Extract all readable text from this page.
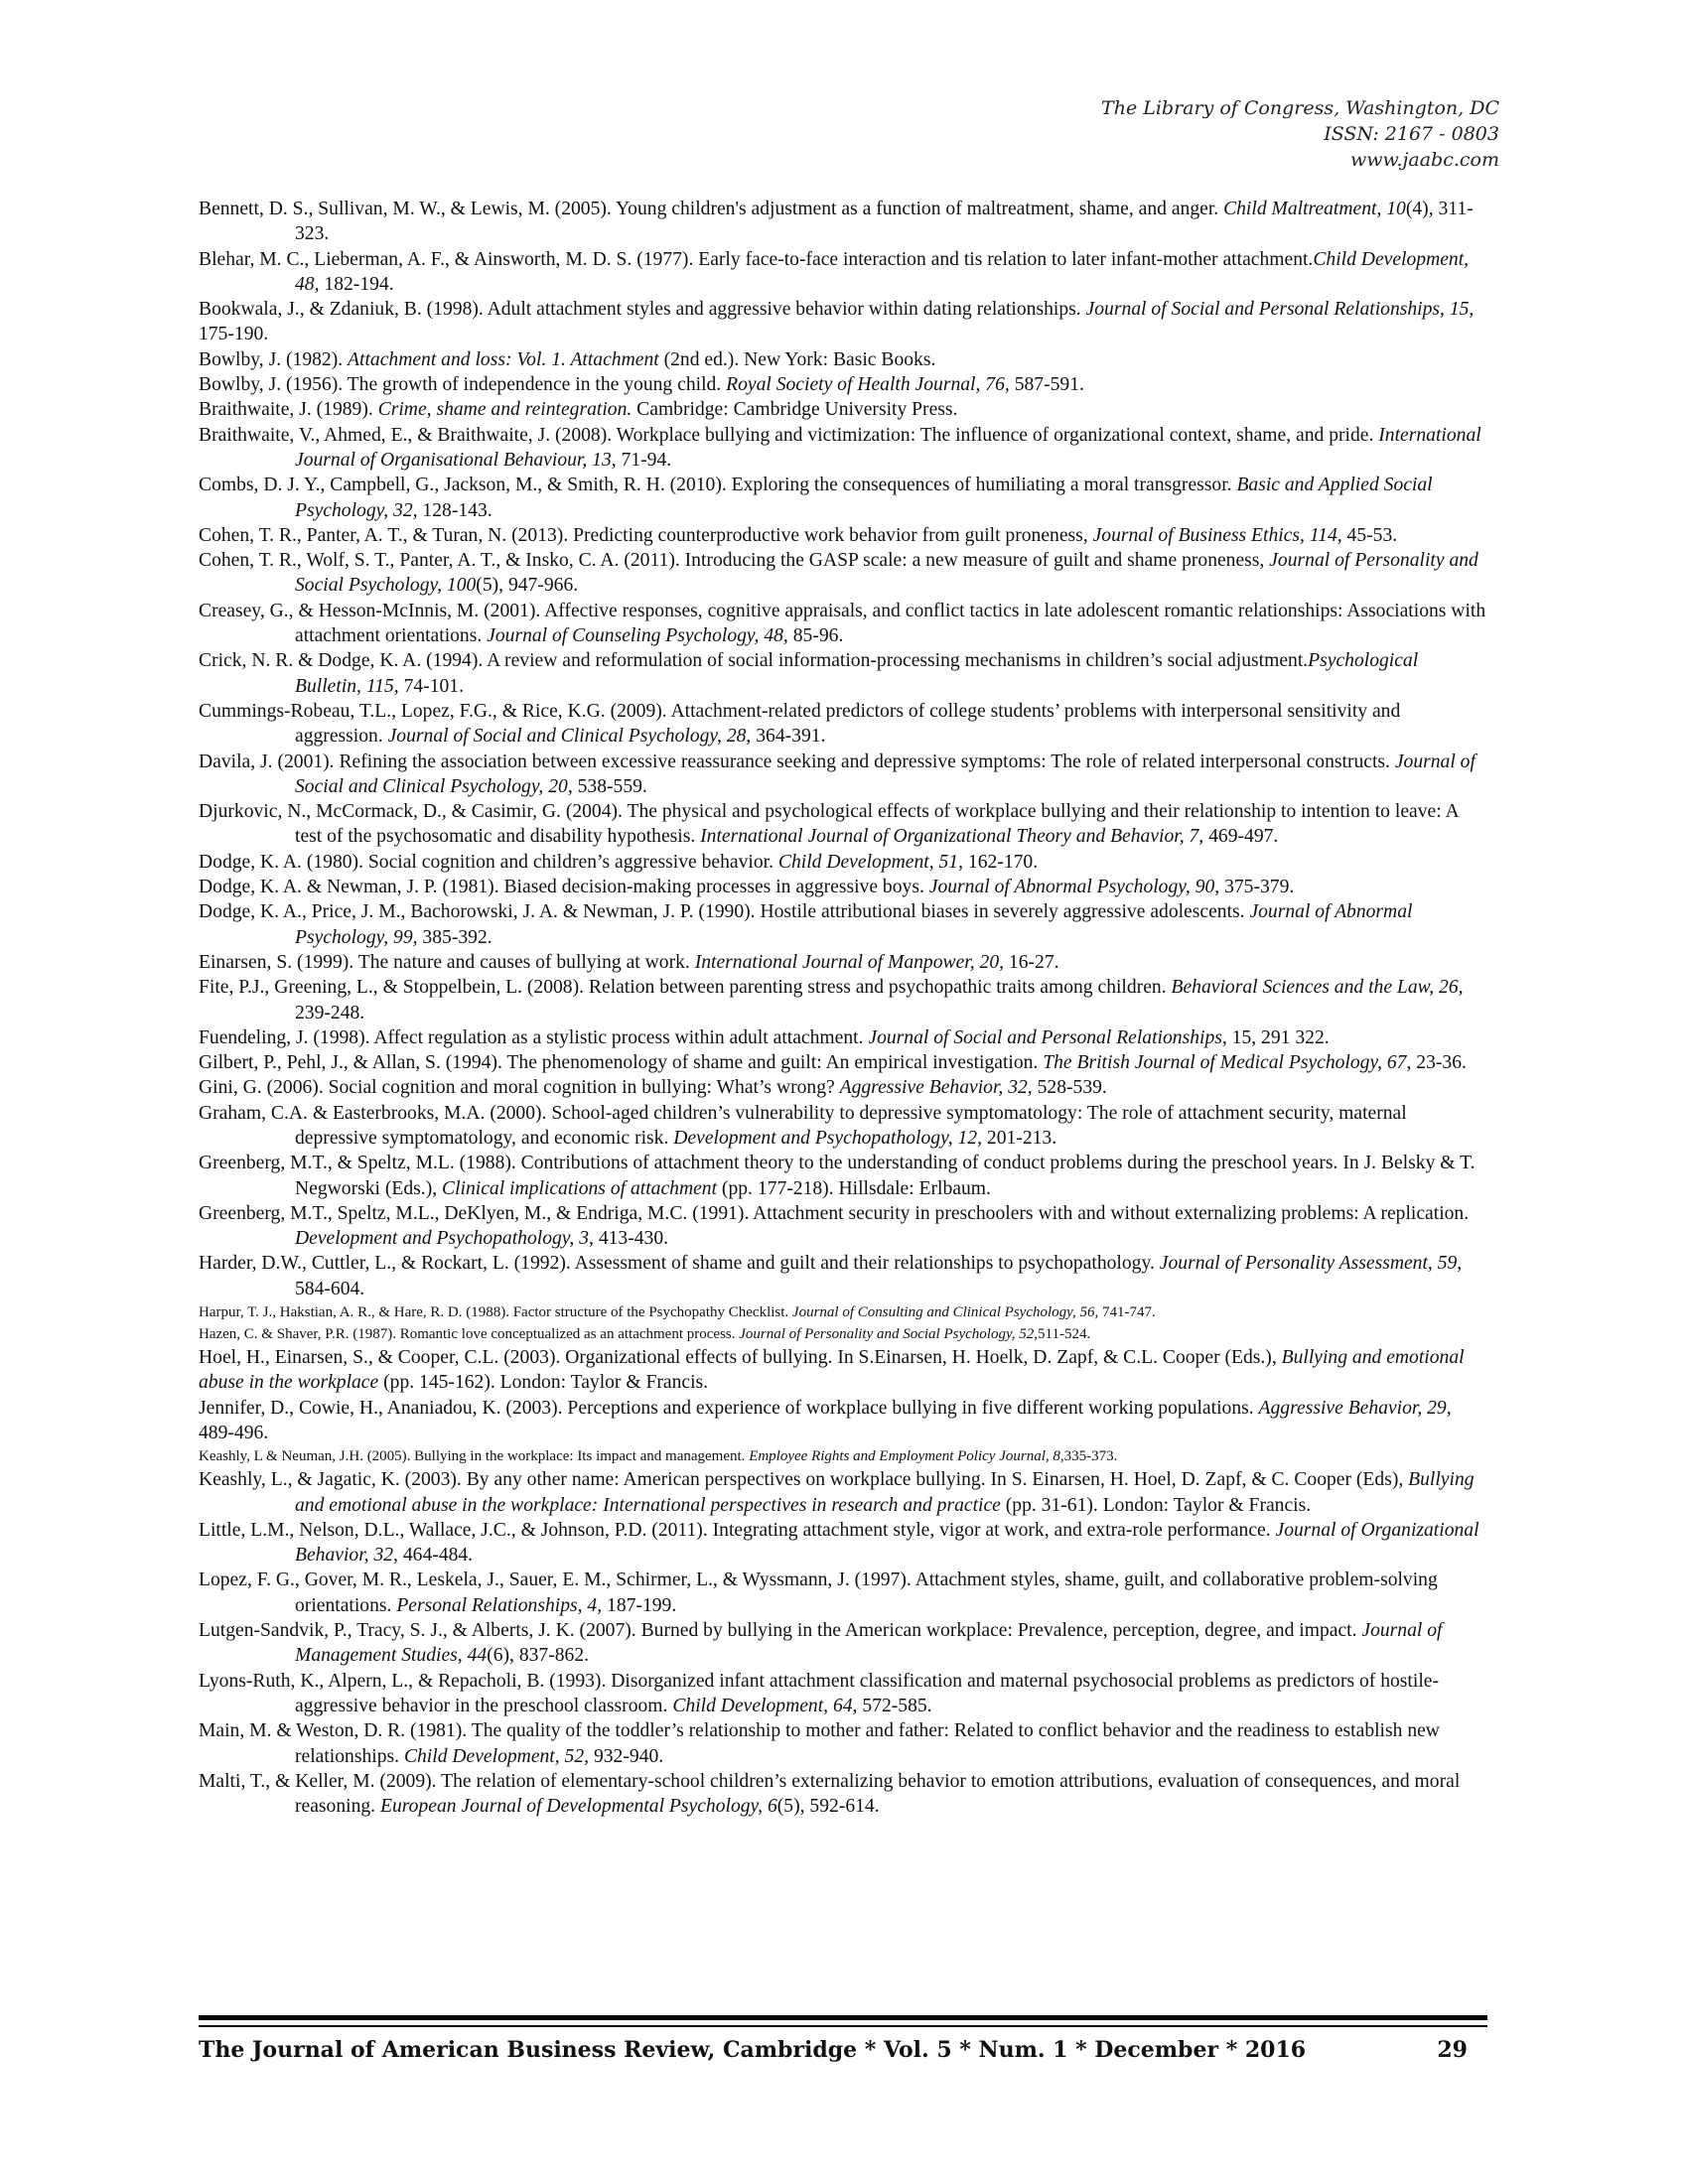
The Library of Congress, Washington, DC
ISSN: 2167 - 0803
www.jaabc.com

Bennett, D. S., Sullivan, M. W., & Lewis, M. (2005). Young children's adjustment as a function of maltreatment, shame, and anger. Child Maltreatment, 10(4), 311-323.

Blehar, M. C., Lieberman, A. F., & Ainsworth, M. D. S. (1977). Early face-to-face interaction and tis relation to later infant-mother attachment.Child Development, 48, 182-194.

Bookwala, J., & Zdaniuk, B. (1998). Adult attachment styles and aggressive behavior within dating relationships. Journal of Social and Personal Relationships, 15, 175-190.

Bowlby, J. (1982). Attachment and loss: Vol. 1. Attachment (2nd ed.). New York: Basic Books.

Bowlby, J. (1956). The growth of independence in the young child. Royal Society of Health Journal, 76, 587-591.

Braithwaite, J. (1989). Crime, shame and reintegration. Cambridge: Cambridge University Press.

Braithwaite, V., Ahmed, E., & Braithwaite, J. (2008). Workplace bullying and victimization: The influence of organizational context, shame, and pride. International Journal of Organisational Behaviour, 13, 71-94.

Combs, D. J. Y., Campbell, G., Jackson, M., & Smith, R. H. (2010). Exploring the consequences of humiliating a moral transgressor. Basic and Applied Social Psychology, 32, 128-143.

Cohen, T. R., Panter, A. T., & Turan, N. (2013). Predicting counterproductive work behavior from guilt proneness, Journal of Business Ethics, 114, 45-53.

Cohen, T. R., Wolf, S. T., Panter, A. T., & Insko, C. A. (2011). Introducing the GASP scale: a new measure of guilt and shame proneness, Journal of Personality and Social Psychology, 100(5), 947-966.

Creasey, G., & Hesson-McInnis, M. (2001). Affective responses, cognitive appraisals, and conflict tactics in late adolescent romantic relationships: Associations with attachment orientations. Journal of Counseling Psychology, 48, 85-96.

Crick, N. R. & Dodge, K. A. (1994). A review and reformulation of social information-processing mechanisms in children’s social adjustment.Psychological Bulletin, 115, 74-101.

Cummings-Robeau, T.L., Lopez, F.G., & Rice, K.G. (2009). Attachment-related predictors of college students’ problems with interpersonal sensitivity and aggression. Journal of Social and Clinical Psychology, 28, 364-391.

Davila, J. (2001). Refining the association between excessive reassurance seeking and depressive symptoms: The role of related interpersonal constructs. Journal of Social and Clinical Psychology, 20, 538-559.

Djurkovic, N., McCormack, D., & Casimir, G. (2004). The physical and psychological effects of workplace bullying and their relationship to intention to leave: A test of the psychosomatic and disability hypothesis. International Journal of Organizational Theory and Behavior, 7, 469-497.

Dodge, K. A. (1980). Social cognition and children’s aggressive behavior. Child Development, 51, 162-170.

Dodge, K. A. & Newman, J. P. (1981). Biased decision-making processes in aggressive boys. Journal of Abnormal Psychology, 90, 375-379.

Dodge, K. A., Price, J. M., Bachorowski, J. A. & Newman, J. P. (1990). Hostile attributional biases in severely aggressive adolescents. Journal of Abnormal Psychology, 99, 385-392.

Einarsen, S. (1999). The nature and causes of bullying at work. International Journal of Manpower, 20, 16-27.

Fite, P.J., Greening, L., & Stoppelbein, L. (2008). Relation between parenting stress and psychopathic traits among children. Behavioral Sciences and the Law, 26, 239-248.

Fuendeling, J. (1998). Affect regulation as a stylistic process within adult attachment. Journal of Social and Personal Relationships, 15, 291 322.

Gilbert, P., Pehl, J., & Allan, S. (1994). The phenomenology of shame and guilt: An empirical investigation. The British Journal of Medical Psychology, 67, 23-36.

Gini, G. (2006). Social cognition and moral cognition in bullying: What’s wrong? Aggressive Behavior, 32, 528-539.

Graham, C.A. & Easterbrooks, M.A. (2000). School-aged children’s vulnerability to depressive symptomatology: The role of attachment security, maternal depressive symptomatology, and economic risk. Development and Psychopathology, 12, 201-213.

Greenberg, M.T., & Speltz, M.L. (1988). Contributions of attachment theory to the understanding of conduct problems during the preschool years. In J. Belsky & T. Negworski (Eds.), Clinical implications of attachment (pp. 177-218). Hillsdale: Erlbaum.

Greenberg, M.T., Speltz, M.L., DeKlyen, M., & Endriga, M.C. (1991). Attachment security in preschoolers with and without externalizing problems: A replication. Development and Psychopathology, 3, 413-430.

Harder, D.W., Cuttler, L., & Rockart, L. (1992). Assessment of shame and guilt and their relationships to psychopathology. Journal of Personality Assessment, 59, 584-604.

Harpur, T. J., Hakstian, A. R., & Hare, R. D. (1988). Factor structure of the Psychopathy Checklist. Journal of Consulting and Clinical Psychology, 56, 741-747.

Hazen, C. & Shaver, P.R. (1987). Romantic love conceptualized as an attachment process. Journal of Personality and Social Psychology, 52,511-524.

Hoel, H., Einarsen, S., & Cooper, C.L. (2003). Organizational effects of bullying. In S.Einarsen, H. Hoelk, D. Zapf, & C.L. Cooper (Eds.), Bullying and emotional abuse in the workplace (pp. 145-162). London: Taylor & Francis.

Jennifer, D., Cowie, H., Ananiadou, K. (2003). Perceptions and experience of workplace bullying in five different working populations. Aggressive Behavior, 29, 489-496.

Keashly, L & Neuman, J.H. (2005). Bullying in the workplace: Its impact and management. Employee Rights and Employment Policy Journal, 8,335-373.

Keashly, L., & Jagatic, K. (2003). By any other name: American perspectives on workplace bullying. In S. Einarsen, H. Hoel, D. Zapf, & C. Cooper (Eds), Bullying and emotional abuse in the workplace: International perspectives in research and practice (pp. 31-61). London: Taylor & Francis.

Little, L.M., Nelson, D.L., Wallace, J.C., & Johnson, P.D. (2011). Integrating attachment style, vigor at work, and extra-role performance. Journal of Organizational Behavior, 32, 464-484.

Lopez, F. G., Gover, M. R., Leskela, J., Sauer, E. M., Schirmer, L., & Wyssmann, J. (1997). Attachment styles, shame, guilt, and collaborative problem-solving orientations. Personal Relationships, 4, 187-199.

Lutgen-Sandvik, P., Tracy, S. J., & Alberts, J. K. (2007). Burned by bullying in the American workplace: Prevalence, perception, degree, and impact. Journal of Management Studies, 44(6), 837-862.

Lyons-Ruth, K., Alpern, L., & Repacholi, B. (1993). Disorganized infant attachment classification and maternal psychosocial problems as predictors of hostile-aggressive behavior in the preschool classroom. Child Development, 64, 572-585.

Main, M. & Weston, D. R. (1981). The quality of the toddler’s relationship to mother and father: Related to conflict behavior and the readiness to establish new relationships. Child Development, 52, 932-940.

Malti, T., & Keller, M. (2009). The relation of elementary-school children’s externalizing behavior to emotion attributions, evaluation of consequences, and moral reasoning. European Journal of Developmental Psychology, 6(5), 592-614.

The Journal of American Business Review, Cambridge * Vol. 5 * Num. 1 * December * 2016	29
